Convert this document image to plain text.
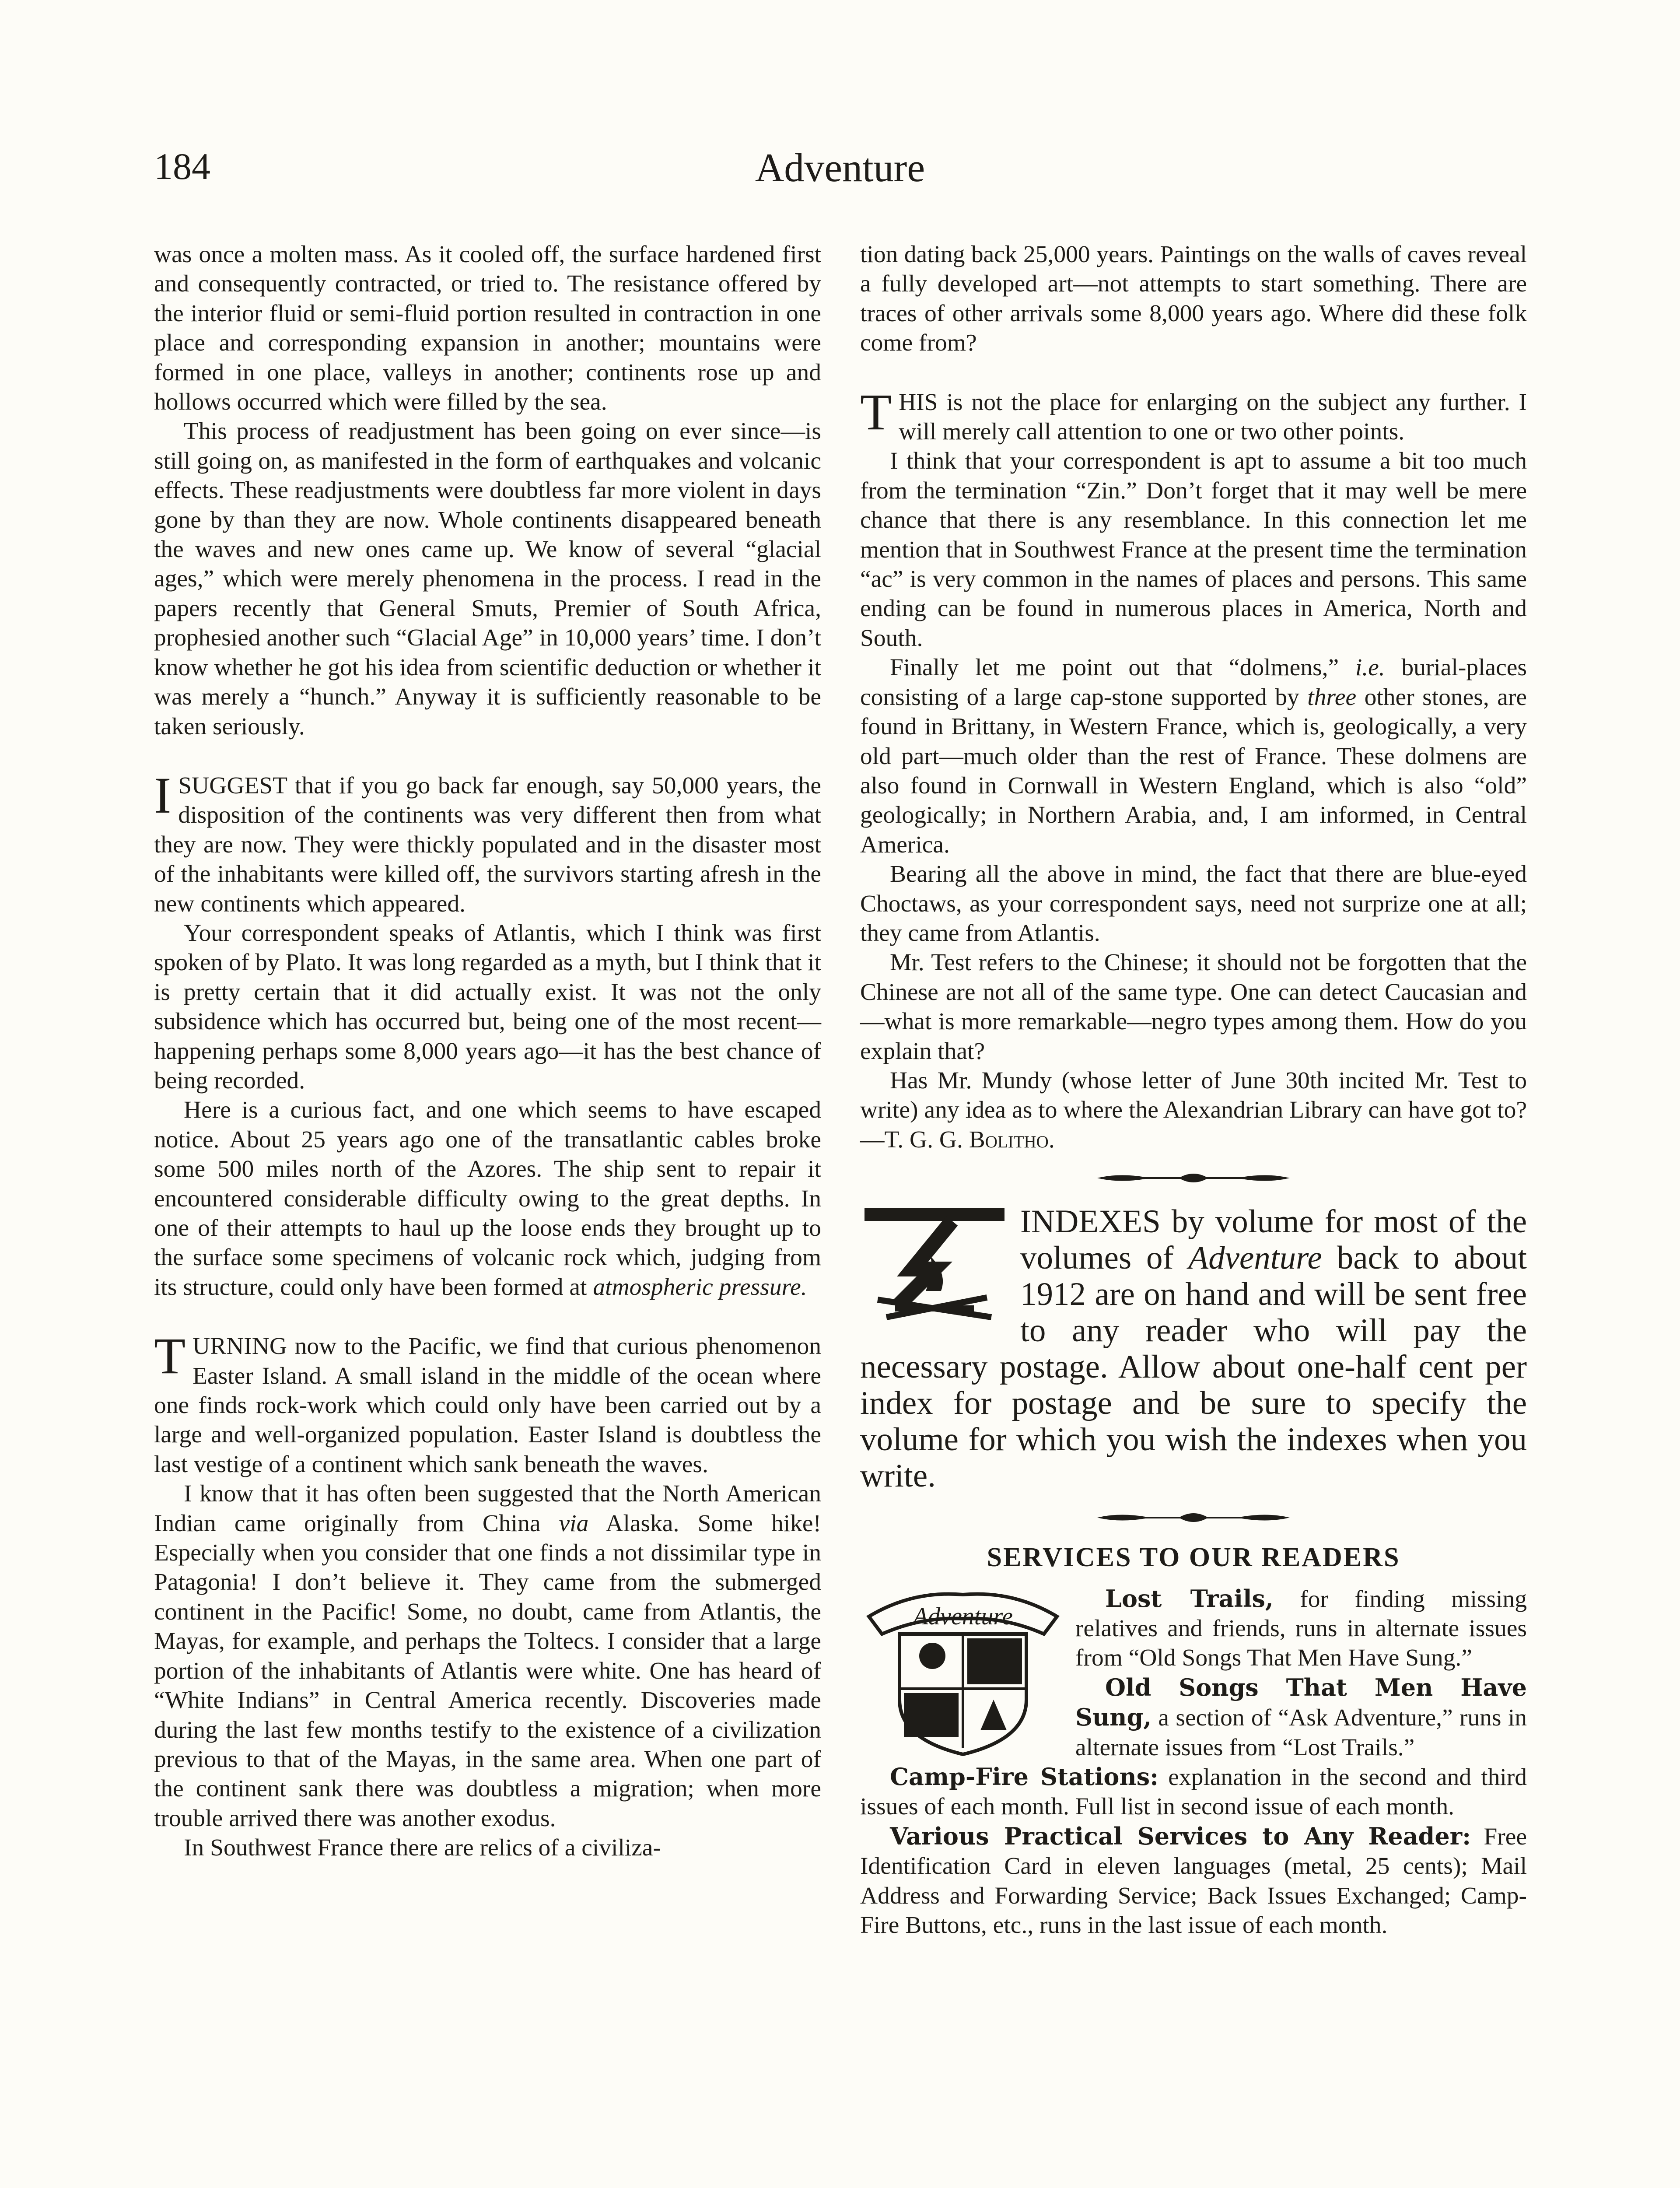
184	Adventure

was once a molten mass. As it cooled off, the surface hardened first and consequently contracted, or tried to. The resistance offered by the interior fluid or semi-fluid portion resulted in contraction in one place and corresponding expansion in another; mountains were formed in one place, valleys in another; continents rose up and hollows occurred which were filled by the sea.

This process of readjustment has been going on ever since—is still going on, as manifested in the form of earthquakes and volcanic effects. These readjustments were doubtless far more violent in days gone by than they are now. Whole continents disappeared beneath the waves and new ones came up. We know of several “glacial ages,” which were merely phenomena in the process. I read in the papers recently that General Smuts, Premier of South Africa, prophesied another such “Glacial Age” in 10,000 years’ time. I don’t know whether he got his idea from scientific deduction or whether it was merely a “hunch.” Anyway it is sufficiently reasonable to be taken seriously.

I SUGGEST that if you go back far enough, say 50,000 years, the disposition of the continents was very different then from what they are now. They were thickly populated and in the disaster most of the inhabitants were killed off, the survivors starting afresh in the new continents which appeared.

Your correspondent speaks of Atlantis, which I think was first spoken of by Plato. It was long regarded as a myth, but I think that it is pretty certain that it did actually exist. It was not the only subsidence which has occurred but, being one of the most recent—happening perhaps some 8,000 years ago—it has the best chance of being recorded.

Here is a curious fact, and one which seems to have escaped notice. About 25 years ago one of the transatlantic cables broke some 500 miles north of the Azores. The ship sent to repair it encountered considerable difficulty owing to the great depths. In one of their attempts to haul up the loose ends they brought up to the surface some specimens of volcanic rock which, judging from its structure, could only have been formed at atmospheric pressure.

TURNING now to the Pacific, we find that curious phenomenon Easter Island. A small island in the middle of the ocean where one finds rock-work which could only have been carried out by a large and well-organized population. Easter Island is doubtless the last vestige of a continent which sank beneath the waves.

I know that it has often been suggested that the North American Indian came originally from China via Alaska. Some hike! Especially when you consider that one finds a not dissimilar type in Patagonia! I don’t believe it. They came from the submerged continent in the Pacific! Some, no doubt, came from Atlantis, the Mayas, for example, and perhaps the Toltecs. I consider that a large portion of the inhabitants of Atlantis were white. One has heard of “White Indians” in Central America recently. Discoveries made during the last few months testify to the existence of a civilization previous to that of the Mayas, in the same area. When one part of the continent sank there was doubtless a migration; when more trouble arrived there was another exodus.

In Southwest France there are relics of a civiliza-

tion dating back 25,000 years. Paintings on the walls of caves reveal a fully developed art—not attempts to start something. There are traces of other arrivals some 8,000 years ago. Where did these folk come from?

THIS is not the place for enlarging on the subject any further. I will merely call attention to one or two other points.

I think that your correspondent is apt to assume a bit too much from the termination “Zin.” Don’t forget that it may well be mere chance that there is any resemblance. In this connection let me mention that in Southwest France at the present time the termination “ac” is very common in the names of places and persons. This same ending can be found in numerous places in America, North and South.

Finally let me point out that “dolmens,” i.e. burial-places consisting of a large cap-stone supported by three other stones, are found in Brittany, in Western France, which is, geologically, a very old part—much older than the rest of France. These dolmens are also found in Cornwall in Western England, which is also “old” geologically; in Northern Arabia, and, I am informed, in Central America.

Bearing all the above in mind, the fact that there are blue-eyed Choctaws, as your correspondent says, need not surprize one at all; they came from Atlantis.

Mr. Test refers to the Chinese; it should not be forgotten that the Chinese are not all of the same type. One can detect Caucasian and—what is more remarkable—negro types among them. How do you explain that?

Has Mr. Mundy (whose letter of June 30th incited Mr. Test to write) any idea as to where the Alexandrian Library can have got to?—T. G. G. Bolitho.

INDEXES by volume for most of the volumes of Adventure back to about 1912 are on hand and will be sent free to any reader who will pay the necessary postage. Allow about one-half cent per index for postage and be sure to specify the volume for which you wish the indexes when you write.
SERVICES TO OUR READERS
Adventure

Lost Trails, for finding missing relatives and friends, runs in alternate issues from “Old Songs That Men Have Sung.”

Old Songs That Men Have Sung, a section of “Ask Adventure,” runs in alternate issues from “Lost Trails.”

Camp-Fire Stations: explanation in the second and third issues of each month. Full list in second issue of each month.

Various Practical Services to Any Reader: Free Identification Card in eleven languages (metal, 25 cents); Mail Address and Forwarding Service; Back Issues Exchanged; Camp-Fire Buttons, etc., runs in the last issue of each month.
